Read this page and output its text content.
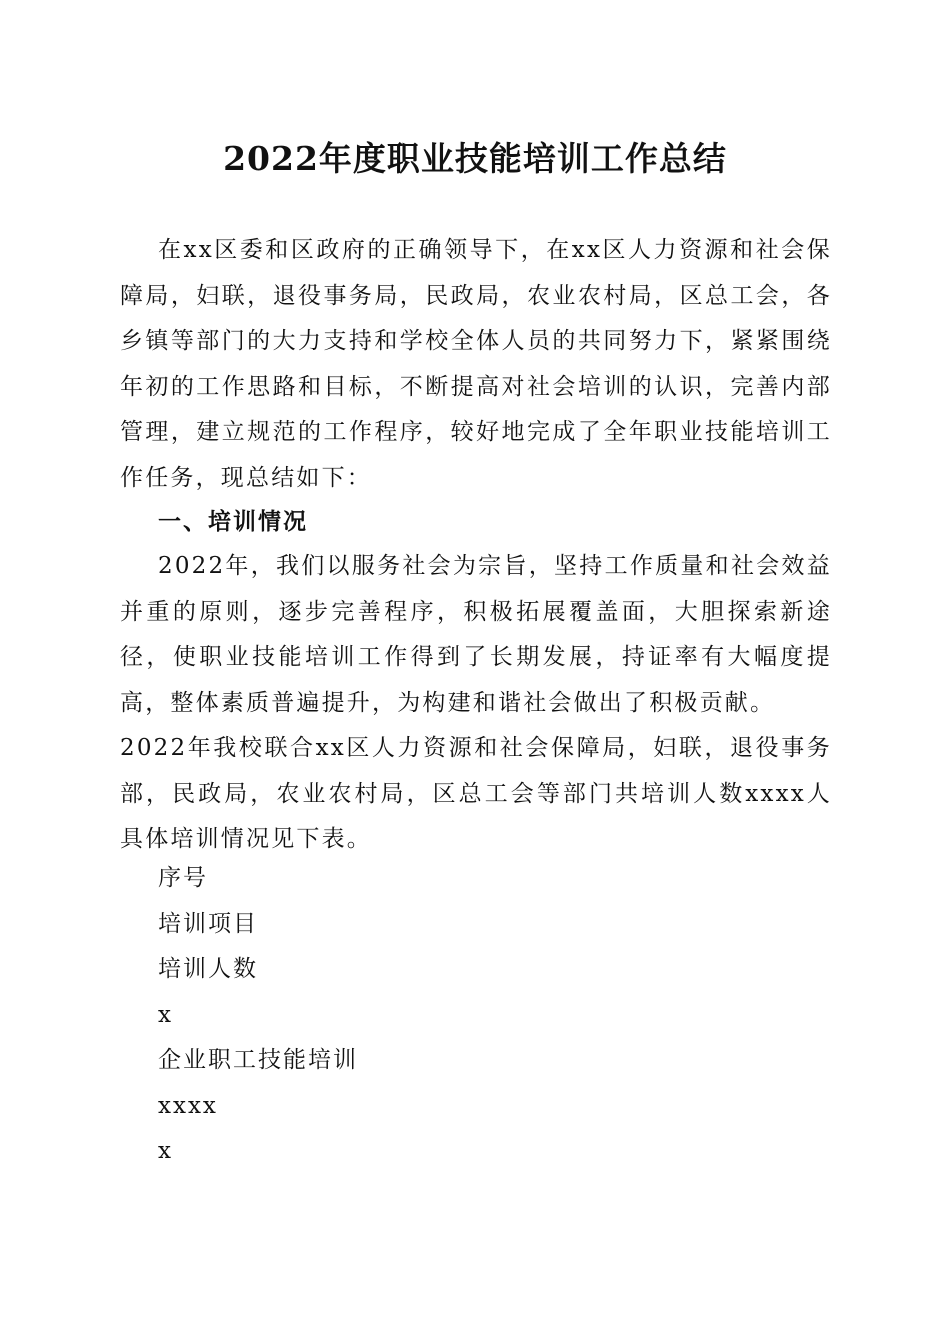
2022年度职业技能培训工作总结

在xx区委和区政府的正确领导下，在xx区人力资源和社会保障局，妇联，退役事务局，民政局，农业农村局，区总工会，各乡镇等部门的大力支持和学校全体人员的共同努力下，紧紧围绕年初的工作思路和目标，不断提高对社会培训的认识，完善内部管理，建立规范的工作程序，较好地完成了全年职业技能培训工作任务，现总结如下：

一、培训情况

2022年，我们以服务社会为宗旨，坚持工作质量和社会效益并重的原则，逐步完善程序，积极拓展覆盖面，大胆探索新途径，使职业技能培训工作得到了长期发展，持证率有大幅度提高，整体素质普遍提升，为构建和谐社会做出了积极贡献。

2022年我校联合xx区人力资源和社会保障局，妇联，退役事务部，民政局，农业农村局，区总工会等部门共培训人数xxxx人具体培训情况见下表。

序号
培训项目
培训人数
x
企业职工技能培训
xxxx
x
